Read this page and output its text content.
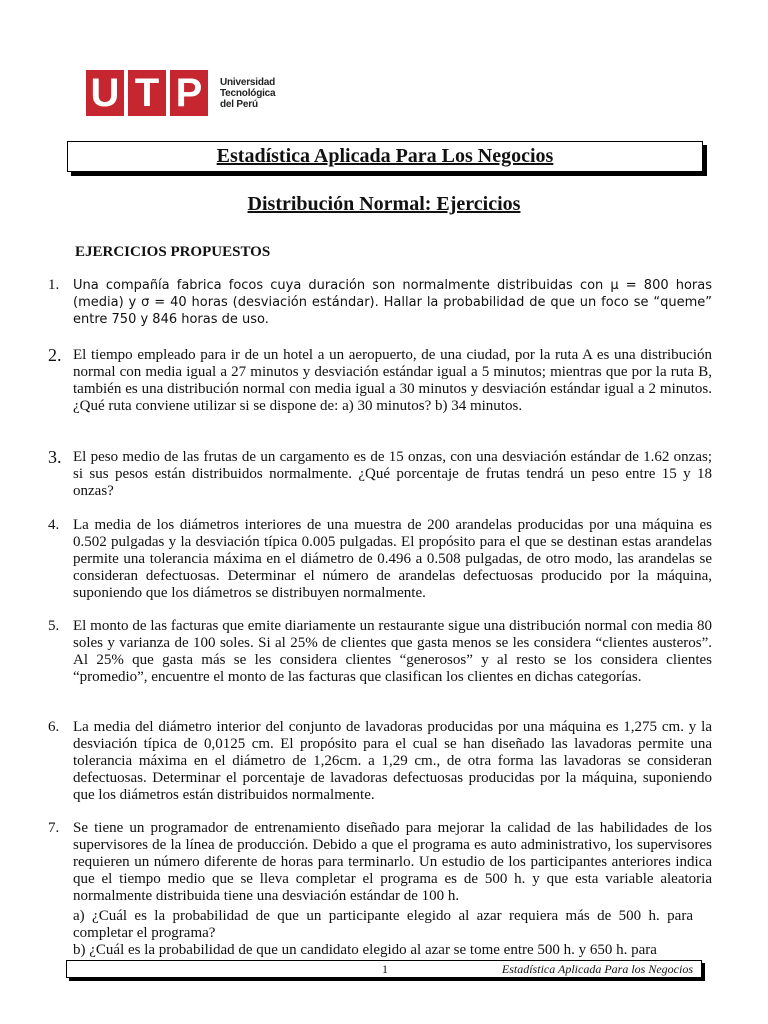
U T P	Universidad
Tecnológica
del Perú
Estadística Aplicada Para Los Negocios
Distribución Normal: Ejercicios
EJERCICIOS PROPUESTOS
1.	Una compañía fabrica focos cuya duración son normalmente distribuidas con μ = 800 horas (media) y σ = 40 horas (desviación estándar). Hallar la probabilidad de que un foco se “queme” entre 750 y 846 horas de uso.
2. El tiempo empleado para ir de un hotel a un aeropuerto, de una ciudad, por la ruta A es una distribución normal con media igual a 27 minutos y desviación estándar igual a 5 minutos; mientras que por la ruta B, también es una distribución normal con media igual a 30 minutos y desviación estándar igual a 2 minutos. ¿Qué ruta conviene utilizar si se dispone de: a) 30 minutos? b) 34 minutos.
3. El peso medio de las frutas de un cargamento es de 15 onzas, con una desviación estándar de 1.62 onzas; si sus pesos están distribuidos normalmente. ¿Qué porcentaje de frutas tendrá un peso entre 15 y 18 onzas?
4. La media de los diámetros interiores de una muestra de 200 arandelas producidas por una máquina es 0.502 pulgadas y la desviación típica 0.005 pulgadas. El propósito para el que se destinan estas arandelas permite una tolerancia máxima en el diámetro de 0.496 a 0.508 pulgadas, de otro modo, las arandelas se consideran defectuosas. Determinar el número de arandelas defectuosas producido por la máquina, suponiendo que los diámetros se distribuyen normalmente.
5. El monto de las facturas que emite diariamente un restaurante sigue una distribución normal con media 80 soles y varianza de 100 soles. Si al 25% de clientes que gasta menos se les considera “clientes austeros”. Al 25% que gasta más se les considera clientes “generosos” y al resto se los considera clientes “promedio”, encuentre el monto de las facturas que clasifican los clientes en dichas categorías.
6. La media del diámetro interior del conjunto de lavadoras producidas por una máquina es 1,275 cm. y la desviación típica de 0,0125 cm. El propósito para el cual se han diseñado las lavadoras permite una tolerancia máxima en el diámetro de 1,26cm. a 1,29 cm., de otra forma las lavadoras se consideran defectuosas. Determinar el porcentaje de lavadoras defectuosas producidas por la máquina, suponiendo que los diámetros están distribuidos normalmente.
7. Se tiene un programador de entrenamiento diseñado para mejorar la calidad de las habilidades de los supervisores de la línea de producción. Debido a que el programa es auto administrativo, los supervisores requieren un número diferente de horas para terminarlo. Un estudio de los participantes anteriores indica que el tiempo medio que se lleva completar el programa es de 500 h. y que esta variable aleatoria normalmente distribuida tiene una desviación estándar de 100 h.
a) ¿Cuál es la probabilidad de que un participante elegido al azar requiera más de 500 h. para completar el programa?
b) ¿Cuál es la probabilidad de que un candidato elegido al azar se tome entre 500 h. y 650 h. para
1	Estadística Aplicada Para los Negocios
